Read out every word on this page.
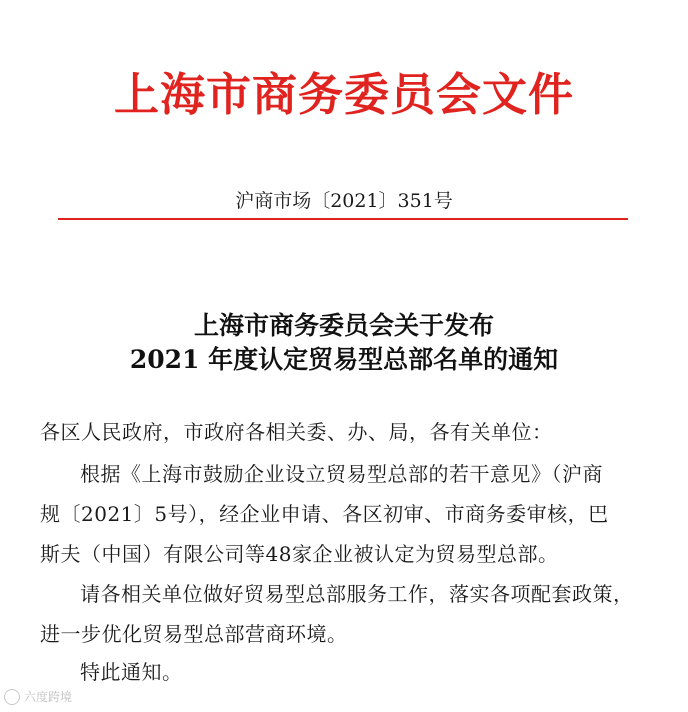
上海市商务委员会文件
沪商市场〔2021〕351号
上海市商务委员会关于发布
2021 年度认定贸易型总部名单的通知
各区人民政府，市政府各相关委、办、局，各有关单位：
根据《上海市鼓励企业设立贸易型总部的若干意见》（沪商
规〔2021〕5号），经企业申请、各区初审、市商务委审核，巴
斯夫（中国）有限公司等48家企业被认定为贸易型总部。
请各相关单位做好贸易型总部服务工作，落实各项配套政策，
进一步优化贸易型总部营商环境。
特此通知。
六度跨境
